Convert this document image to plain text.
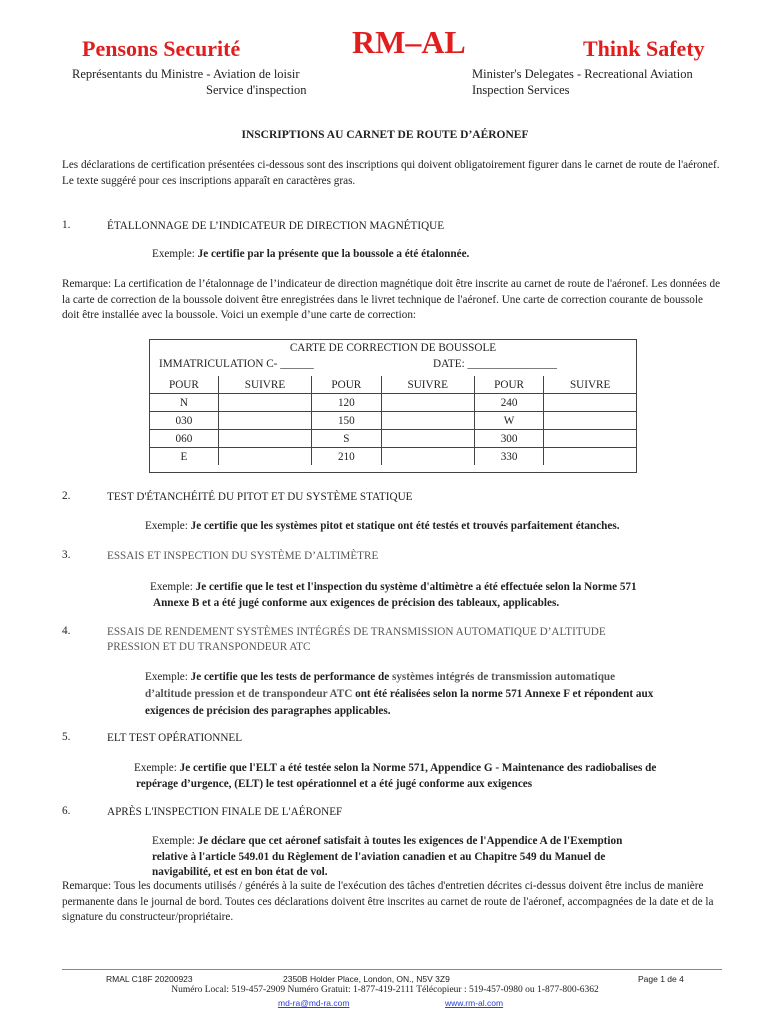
Pensons Securité	RM–AL	Think Safety
Représentants du Ministre - Aviation de loisir
Service d'inspection
Minister's Delegates - Recreational Aviation
Inspection Services
INSCRIPTIONS AU CARNET DE ROUTE D’AÉRONEF

Les déclarations de certification présentées ci-dessous sont des inscriptions qui doivent obligatoirement figurer dans le carnet de route de l'aéronef. Le texte suggéré pour ces inscriptions apparaît en caractères gras.

1.	ÉTALLONNAGE DE L’INDICATEUR DE DIRECTION MAGNÉTIQUE
Exemple: Je certifie par la présente que la boussole a été étalonnée.

Remarque: La certification de l’étalonnage de l’indicateur de direction magnétique doit être inscrite au carnet de route de l'aéronef. Les données de la carte de correction de la boussole doivent être enregistrées dans le livret technique de l'aéronef. Une carte de correction courante de boussole doit être installée avec la boussole. Voici un exemple d’une carte de correction:

CARTE DE CORRECTION DE BOUSSOLE
IMMATRICULATION C- ______	DATE: ________________
POUR	SUIVRE	POUR	SUIVRE	POUR	SUIVRE
N		120		240	
030		150		W	
060		S		300	
E		210		330	
2.	TEST D'ÉTANCHÉITÉ DU PITOT ET DU SYSTÈME STATIQUE
Exemple: Je certifie que les systèmes pitot et statique ont été testés et trouvés parfaitement étanches.
3.	ESSAIS ET INSPECTION DU SYSTÈME D’ALTIMÈTRE
Exemple: Je certifie que le test et l'inspection du système d'altimètre a été effectuée selon la Norme 571
Annexe B et a été jugé conforme aux exigences de précision des tableaux, applicables.
4.	ESSAIS DE RENDEMENT SYSTÈMES INTÉGRÉS DE TRANSMISSION AUTOMATIQUE D’ALTITUDE
PRESSION ET DU TRANSPONDEUR ATC
Exemple: Je certifie que les tests de performance de systèmes intégrés de transmission automatique
d’altitude pression et de transpondeur ATC ont été réalisées selon la norme 571 Annexe F et répondent aux
exigences de précision des paragraphes applicables.
5.	ELT TEST OPÉRATIONNEL
Exemple: Je certifie que l'ELT a été testée selon la Norme 571, Appendice G - Maintenance des radiobalises de
repérage d’urgence, (ELT) le test opérationnel et a été jugé conforme aux exigences
6.	APRÈS L'INSPECTION FINALE DE L'AÉRONEF
Exemple: Je déclare que cet aéronef satisfait à toutes les exigences de l'Appendice A de l'Exemption
relative à l'article 549.01 du Règlement de l'aviation canadien et au Chapitre 549 du Manuel de
navigabilité, et est en bon état de vol.

Remarque: Tous les documents utilisés / générés à la suite de l'exécution des tâches d'entretien décrites ci-dessus doivent être inclus de manière permanente dans le journal de bord. Toutes ces déclarations doivent être inscrites au carnet de route de l'aéronef, accompagnées de la date et de la signature du constructeur/propriétaire.

RMAL C18F 20200923	2350B Holder Place, London, ON., N5V 3Z9	Page 1 de 4
Numéro Local: 519-457-2909 Numéro Gratuit: 1-877-419-2111 Télécopieur : 519-457-0980 ou 1-877-800-6362
md-ra@md-ra.com	www.rm-al.com
